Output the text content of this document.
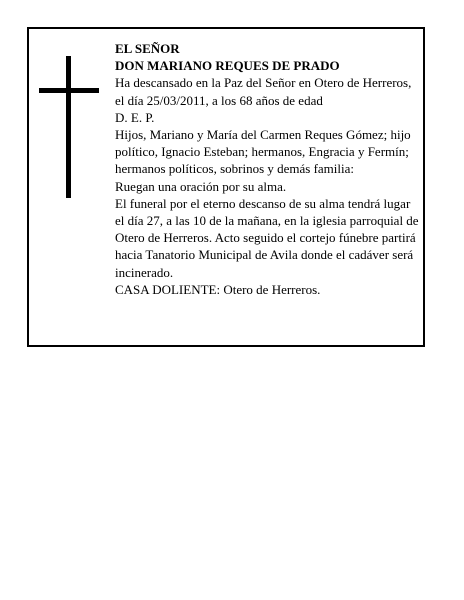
EL SEÑOR

DON MARIANO REQUES DE PRADO

Ha descansado en la Paz del Señor en Otero de Herreros, el día 25/03/2011, a los 68 años de edad

D. E. P.

Hijos, Mariano y María del Carmen Reques Gómez; hijo político, Ignacio Esteban; hermanos, Engracia y Fermín; hermanos políticos, sobrinos y demás familia:

Ruegan una oración por su alma.

El funeral por el eterno descanso de su alma tendrá lugar el día 27, a las 10 de la mañana, en la iglesia parroquial de Otero de Herreros. Acto seguido el cortejo fúnebre partirá hacia Tanatorio Municipal de Avila donde el cadáver será incinerado.

CASA DOLIENTE: Otero de Herreros.
